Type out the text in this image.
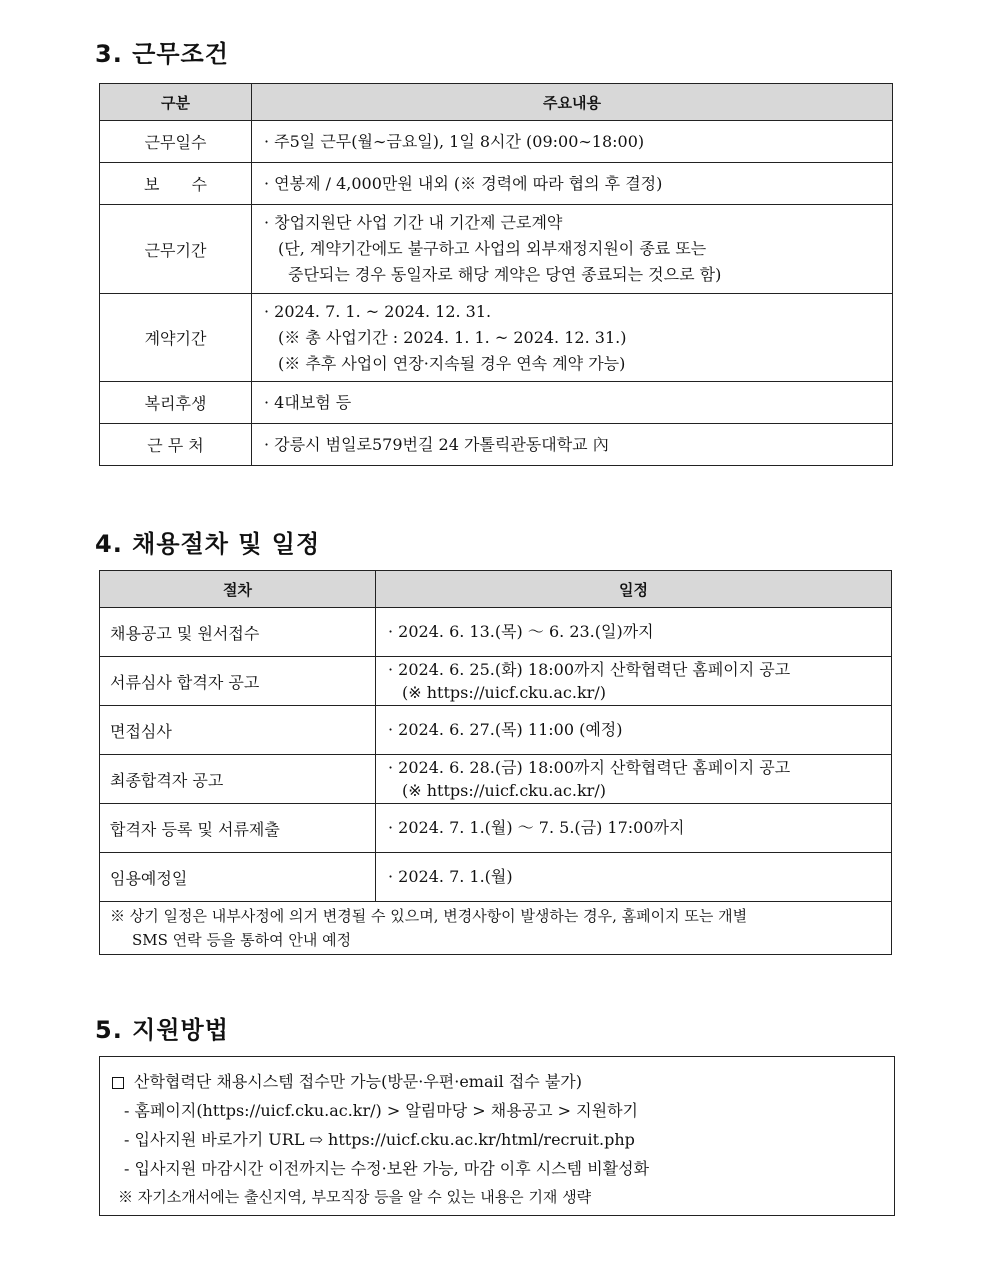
3. 근무조건
구분	주요내용
근무일수	· 주5일 근무(월∼금요일), 1일 8시간 (09:00∼18:00)

보　　수	· 연봉제 / 4,000만원 내외 (※ 경력에 따라 협의 후 결정)

근무기간	· 창업지원단 사업 기간 내 기간제 근로계약
(단, 계약기간에도 불구하고 사업의 외부재정지원이 종료 또는
중단되는 경우 동일자로 해당 계약은 당연 종료되는 것으로 함)

계약기간	· 2024. 7. 1. ~ 2024. 12. 31.
(※ 총 사업기간 : 2024. 1. 1. ~ 2024. 12. 31.)
(※ 추후 사업이 연장·지속될 경우 연속 계약 가능)

복리후생	· 4대보험 등

근 무 처	· 강릉시 범일로579번길 24 가톨릭관동대학교 內
4. 채용절차 및 일정
절차	일정
채용공고 및 원서접수	· 2024. 6. 13.(목) ～ 6. 23.(일)까지

서류심사 합격자 공고	· 2024. 6. 25.(화) 18:00까지 산학협력단 홈페이지 공고
(※ https://uicf.cku.ac.kr/)

면접심사	· 2024. 6. 27.(목) 11:00 (예정)

최종합격자 공고	· 2024. 6. 28.(금) 18:00까지 산학협력단 홈페이지 공고
(※ https://uicf.cku.ac.kr/)

합격자 등록 및 서류제출	· 2024. 7. 1.(월) ～ 7. 5.(금) 17:00까지

임용예정일	· 2024. 7. 1.(월)

※ 상기 일정은 내부사정에 의거 변경될 수 있으며, 변경사항이 발생하는 경우, 홈페이지 또는 개별
SMS 연락 등을 통하여 안내 예정	
5. 지원방법
산학협력단 채용시스템 접수만 가능(방문·우편·email 접수 불가)
- 홈페이지(https://uicf.cku.ac.kr/) > 알림마당 > 채용공고 > 지원하기
- 입사지원 바로가기 URL ⇨ https://uicf.cku.ac.kr/html/recruit.php
- 입사지원 마감시간 이전까지는 수정·보완 가능, 마감 이후 시스템 비활성화
※ 자기소개서에는 출신지역, 부모직장 등을 알 수 있는 내용은 기재 생략
